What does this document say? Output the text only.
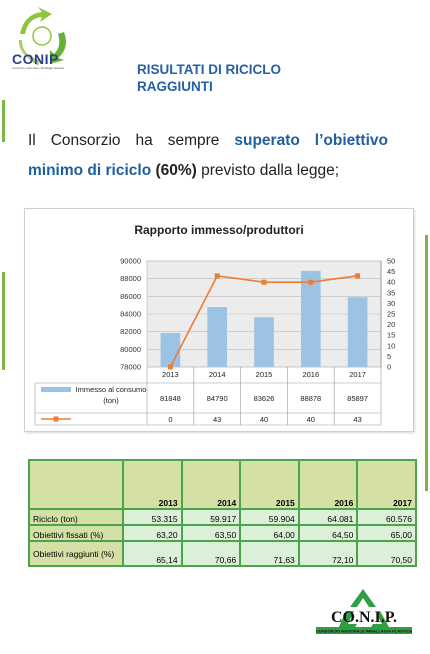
CONIP
consorzio nazionale imballaggi plastica	RISULTATI DI RICICLO RAGGIUNTI
Il Consorzio ha sempre superato l’obiettivo minimo di riciclo (60%) previsto dalla legge;
Rapporto immesso/produttori
78000
80000
82000
84000
86000
88000
90000
0
5
10
15
20
25
30
35
40
45
50
2013	2014	2015	2016	2017
Immesso al consumo
(ton)	81848	84790	83626	88878	85897
0	43	40	40	43
	2013	2014	2015	2016	2017
Riciclo (ton)	53.315	59.917	59.904	64.081	60.576
Obiettivi fissati (%)	63,20	63,50	64,00	64,50	65,00
Obiettivi raggiunti (%)	65,14	70,66	71,63	72,10	70,50
CO.N.I.P.
CONSORZIO NAZIONALE IMBALLAGGI PLASTICA
